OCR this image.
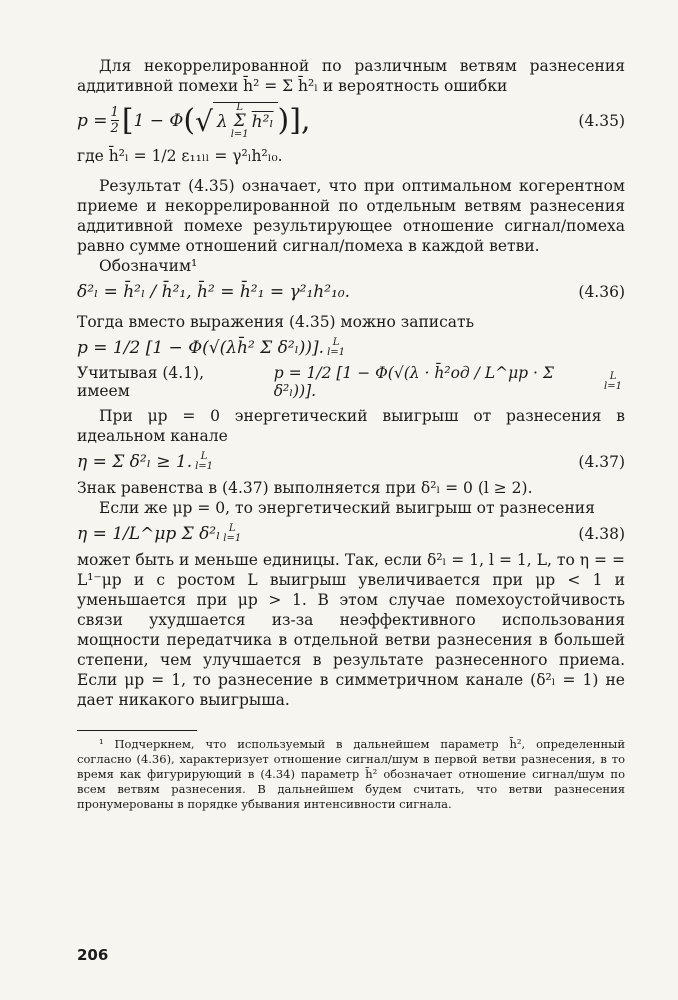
Для некоррелированной по различным ветвям разнесения аддитивной помехи h̄² = Σ h̄²ₗ и вероятность ошибки

$p = \frac{1}{2}$ [ 1 − Φ ( √ λ
L
Σ
l=1
h²ₗ ) ],	(4.35)

где h̄²ₗ = 1/2 ε₁₁ₗₗ = γ²ₗh²ₗ₀.

Результат (4.35) означает, что при оптимальном когерентном приеме и некоррелированной по отдельным ветвям разнесения аддитивной помехе результирующее отношение сигнал/помеха равно сумме отношений сигнал/помеха в каждой ветви.

Обозначим¹

δ²ₗ = h̄²ₗ / h̄²₁, h̄² = h̄²₁ = γ²₁h²₁₀.	(4.36)

Тогда вместо выражения (4.35) можно записать

p = 1/2 [1 − Φ(√(λh̄² Σ δ²ₗ))]. L
l=1
Учитывая (4.1), имеем
p = 1/2 [1 − Φ(√(λ · h̄²од / L^μр · Σ δ²ₗ))].
L
l=1

При μр = 0 энергетический выигрыш от разнесения в идеальном канале

η = Σ δ²ₗ ≥ 1. L
l=1	(4.37)

Знак равенства в (4.37) выполняется при δ²ₗ = 0 (l ≥ 2).

Если же μр = 0, то энергетический выигрыш от разнесения

η = 1/L^μр Σ δ²ₗ L
l=1	(4.38)

может быть и меньше единицы. Так, если δ²ₗ = 1, l = 1, L, то η = = L¹⁻μр и с ростом L выигрыш увеличивается при μр < 1 и уменьшается при μр > 1. В этом случае помехоустойчивость связи ухудшается из-за неэффективного использования мощности передатчика в отдельной ветви разнесения в большей степени, чем улучшается в результате разнесенного приема. Если μр = 1, то разнесение в симметричном канале (δ²ₗ = 1) не дает никакого выигрыша.

¹ Подчеркнем, что используемый в дальнейшем параметр h̄², определенный согласно (4.36), характеризует отношение сигнал/шум в первой ветви разнесения, в то время как фигурирующий в (4.34) параметр h̄² обозначает отношение сигнал/шум по всем ветвям разнесения. В дальнейшем будем считать, что ветви разнесения пронумерованы в порядке убывания интенсивности сигнала.

206
